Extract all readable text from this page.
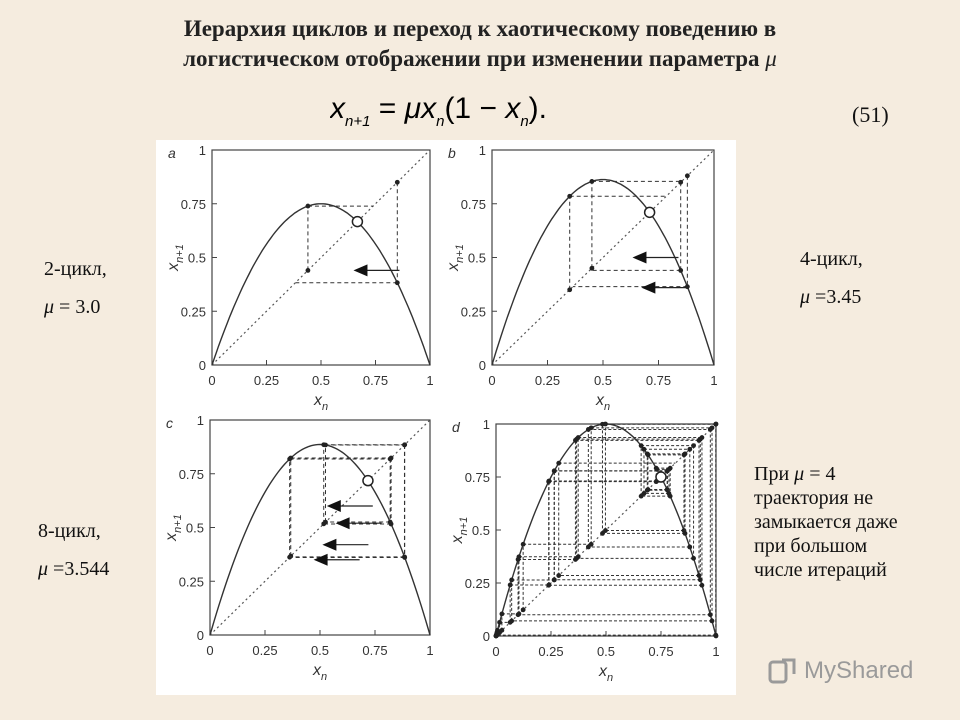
Иерархия циклов и переход к хаотическому поведению в
логистическом отображении при изменении параметра μ
$x_{n+1} = \mu x_n(1 - x_n)$.	(51)
0	0.25	0.5	0.75	1
0
0.25
0.5
0.75
1
$x_n$
$x_{n+1}$
a
0	0.25	0.5	0.75	1
0
0.25
0.5
0.75
1
$x_n$
$x_{n+1}$
b
0	0.25	0.5	0.75	1
0
0.25
0.5
0.75
1
$x_n$
$x_{n+1}$
c
0	0.25	0.5	0.75	1
0
0.25
0.5
0.75
1
$x_n$
$x_{n+1}$
d
2-цикл,
μ = 3.0
4-цикл,
μ =3.45
8-цикл,
μ =3.544
При μ = 4
траектория не
замыкается даже
при большом
числе итераций
MyShared
